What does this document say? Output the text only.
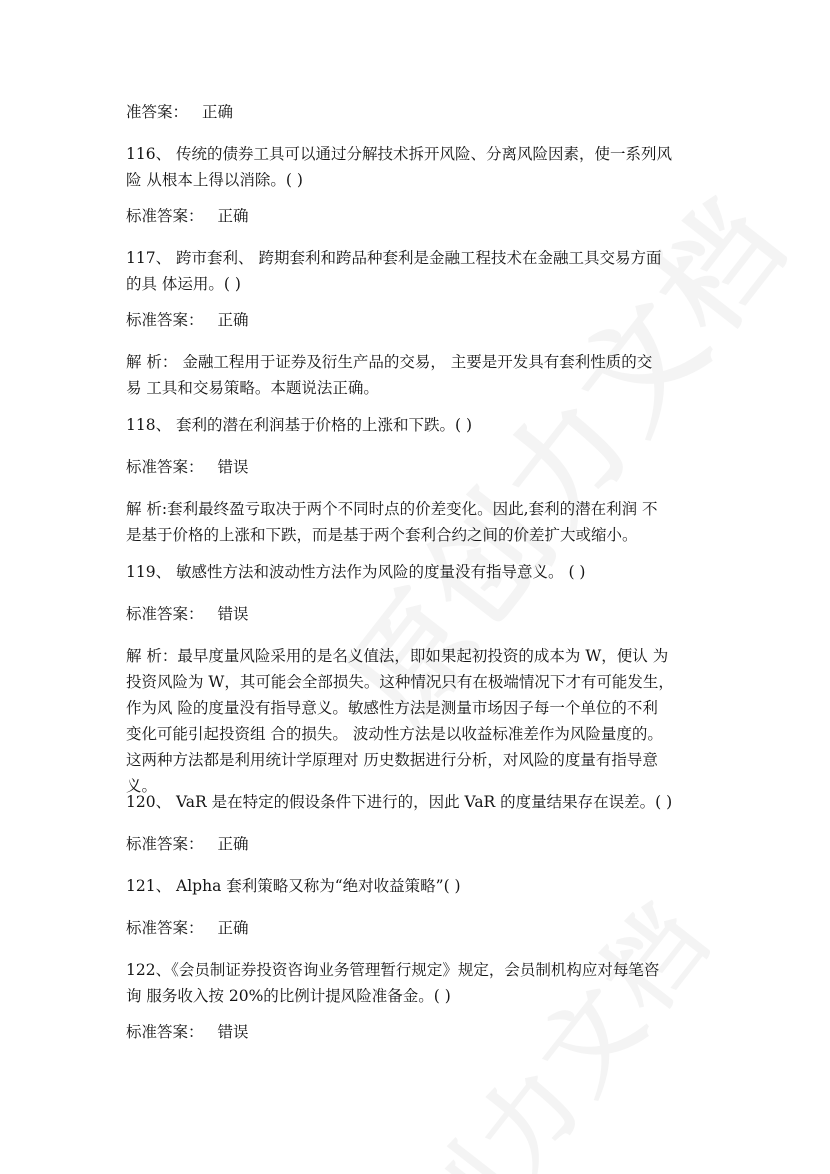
准答案： 正确
116、 传统的债券工具可以通过分解技术拆开风险、分离风险因素，使一系列风
险 从根本上得以消除。( )
标准答案： 正确
117、 跨市套利、 跨期套利和跨品种套利是金融工程技术在金融工具交易方面
的具 体运用。( )
标准答案： 正确
解 析： 金融工程用于证券及衍生产品的交易， 主要是开发具有套利性质的交
易 工具和交易策略。本题说法正确。
118、 套利的潜在利润基于价格的上涨和下跌。( )
标准答案： 错误
解 析:套利最终盈亏取决于两个不同时点的价差变化。因此,套利的潜在利润 不
是基于价格的上涨和下跌，而是基于两个套利合约之间的价差扩大或缩小。
119、 敏感性方法和波动性方法作为风险的度量没有指导意义。 ( )
标准答案： 错误
解 析：最早度量风险采用的是名义值法，即如果起初投资的成本为 W，便认 为
投资风险为 W，其可能会全部损失。这种情况只有在极端情况下才有可能发生，
作为风 险的度量没有指导意义。敏感性方法是测量市场因子每一个单位的不利
变化可能引起投资组 合的损失。 波动性方法是以收益标准差作为风险量度的。
这两种方法都是利用统计学原理对 历史数据进行分析，对风险的度量有指导意
义。
120、 VaR 是在特定的假设条件下进行的，因此 VaR 的度量结果存在误差。( )
标准答案： 正确
121、 Alpha 套利策略又称为“绝对收益策略”( )
标准答案： 正确
122、《会员制证券投资咨询业务管理暂行规定》规定，会员制机构应对每笔咨
询 服务收入按 20%的比例计提风险准备金。( )
标准答案： 错误
